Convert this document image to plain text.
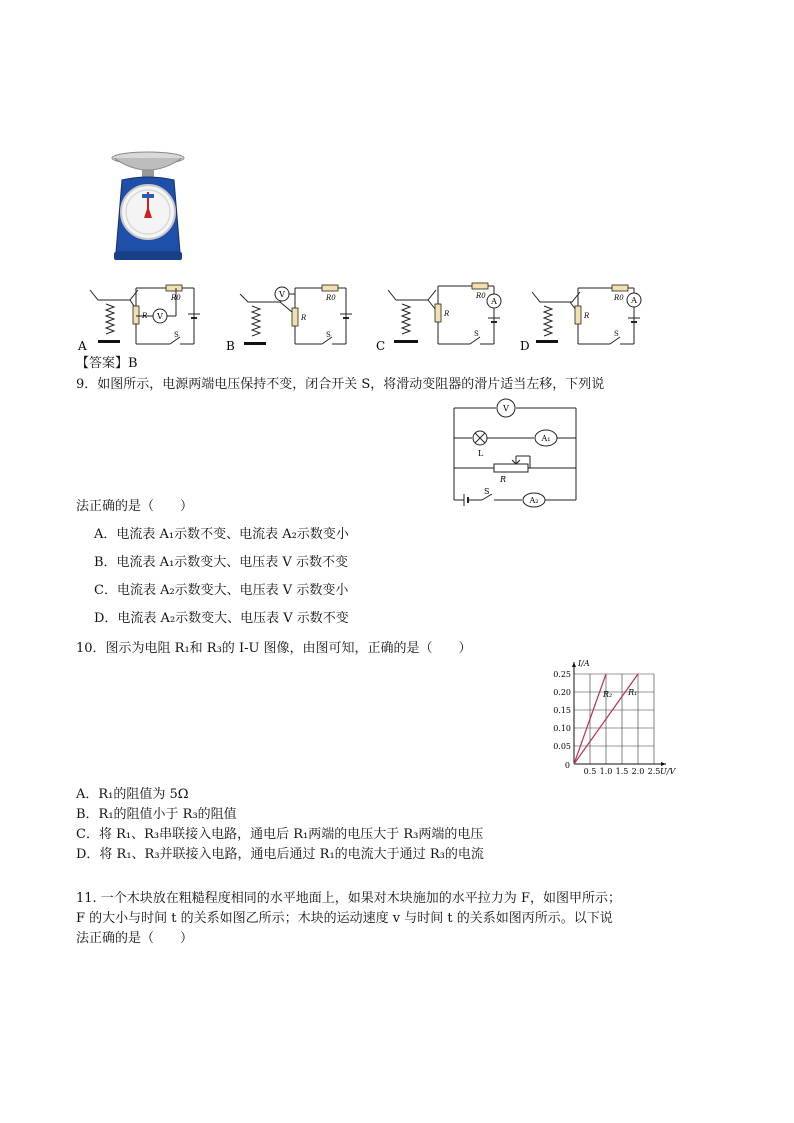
V
R0
R
S
A
V	R0
R
S
B
A
R0
R
S
C
A
R0
R
S
D
【答案】B
9．如图所示，电源两端电压保持不变，闭合开关 S，将滑动变阻器的滑片适当左移，下列说
V
A₁
A₂
L
R
S
法正确的是（　　）
A．电流表 A₁示数不变、电流表 A₂示数变小
B．电流表 A₁示数变大、电压表 V 示数不变
C．电流表 A₂示数变大、电压表 V 示数变小
D．电流表 A₂示数变大、电压表 V 示数不变
10．图示为电阻 R₁和 R₃的 I-U 图像，由图可知，正确的是（　　）
0.5 1.0 1.5 2.0 2.5
0.05
0.10
0.15
0.20
0.25
0
U/V
I/A
R₂ R₁
A．R₁的阻值为 5Ω
B．R₁的阻值小于 R₃的阻值
C．将 R₁、R₃串联接入电路，通电后 R₁两端的电压大于 R₃两端的电压
D．将 R₁、R₃并联接入电路，通电后通过 R₁的电流大于通过 R₃的电流
11. 一个木块放在粗糙程度相同的水平地面上，如果对木块施加的水平拉力为 F，如图甲所示；
F 的大小与时间 t 的关系如图乙所示；木块的运动速度 v 与时间 t 的关系如图丙所示。以下说
法正确的是（　　）
